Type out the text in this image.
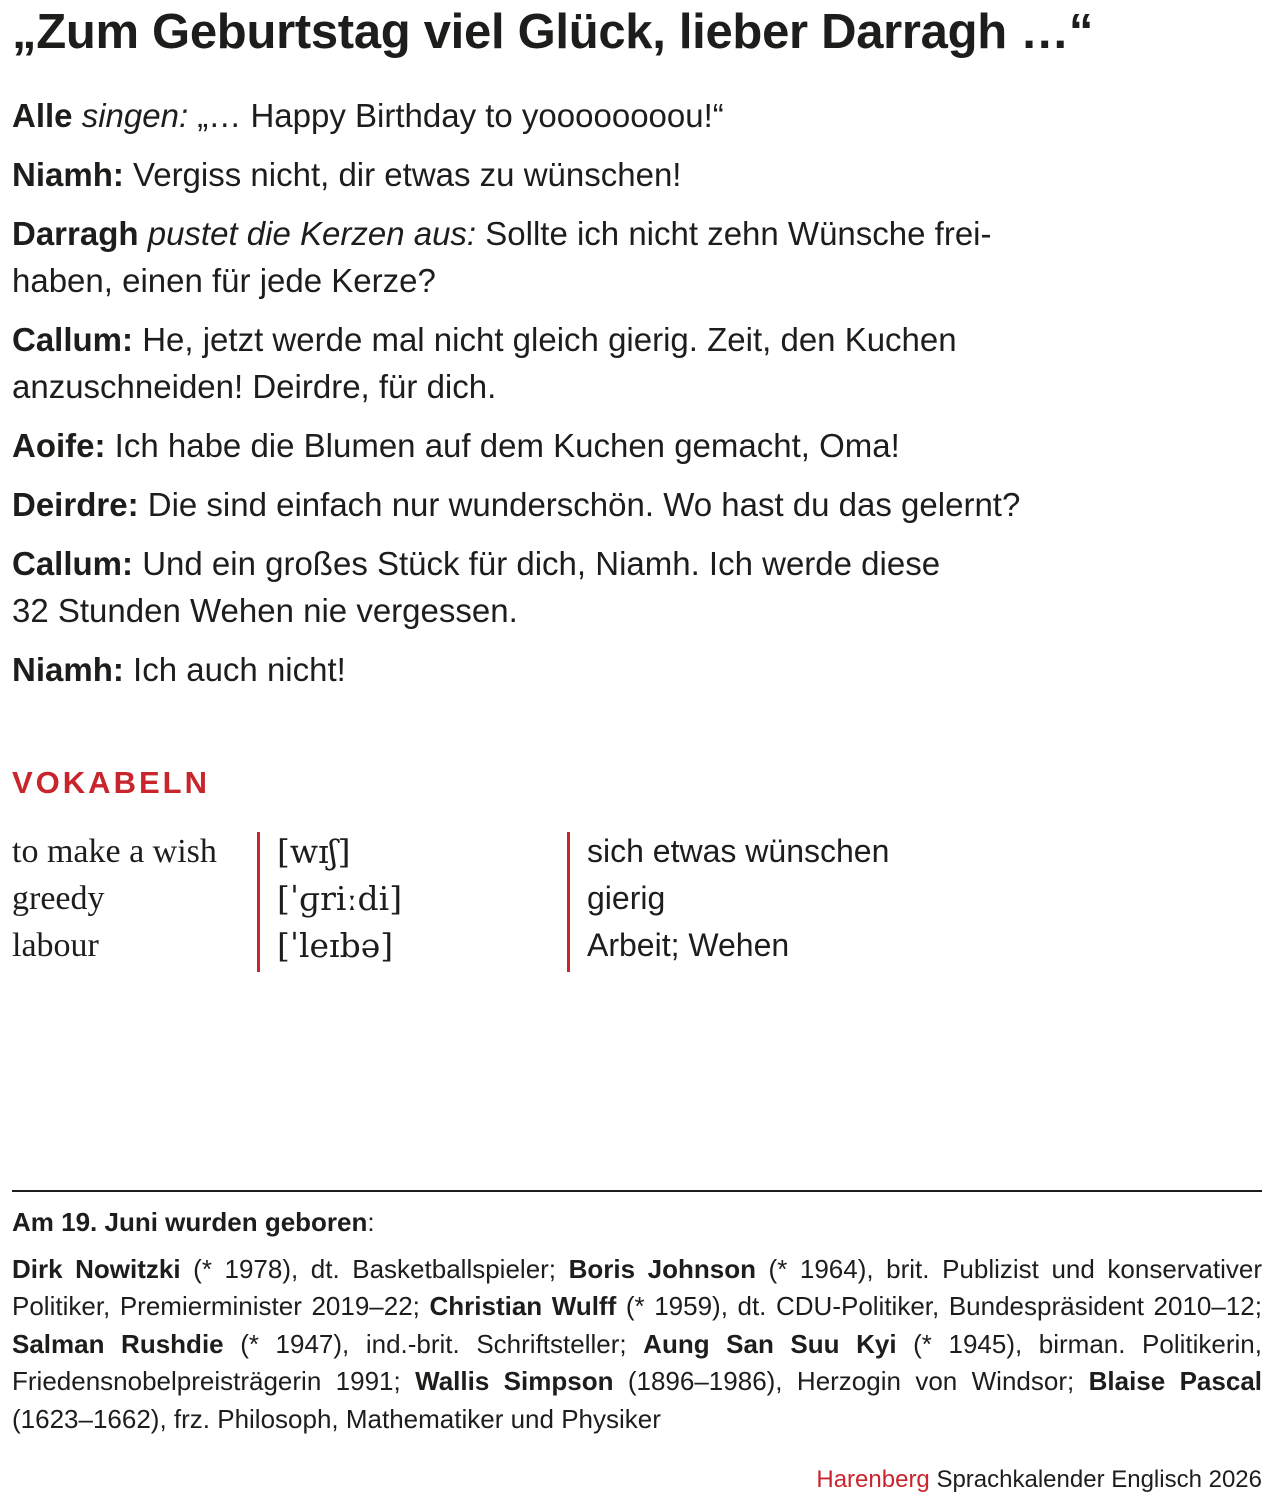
„Zum Geburtstag viel Glück, lieber Darragh …“

Alle singen: „… Happy Birthday to yoooooooou!“

Niamh: Vergiss nicht, dir etwas zu wünschen!

Darragh pustet die Kerzen aus: Sollte ich nicht zehn Wünsche frei-
haben, einen für jede Kerze?

Callum: He, jetzt werde mal nicht gleich gierig. Zeit, den Kuchen
anzuschneiden! Deirdre, für dich.

Aoife: Ich habe die Blumen auf dem Kuchen gemacht, Oma!

Deirdre: Die sind einfach nur wunderschön. Wo hast du das gelernt?

Callum: Und ein großes Stück für dich, Niamh. Ich werde diese
32 Stunden Wehen nie vergessen.

Niamh: Ich auch nicht!

VOKABELN
to make a wish
greedy
labour
[wɪʃ]
[ˈɡriːdi]
[ˈleɪbə]
sich etwas wünschen
gierig
Arbeit; Wehen
Am 19. Juni wurden geboren:
Dirk Nowitzki (* 1978), dt. Basketballspieler; Boris Johnson (* 1964), brit. Publizist und konservativer Politiker, Premierminister 2019–22; Christian Wulff (* 1959), dt. CDU-Politiker, Bundespräsident 2010–12; Salman Rushdie (* 1947), ind.-brit. Schriftsteller; Aung San Suu Kyi (* 1945), birman. Politikerin, Friedensnobelpreisträgerin 1991; Wallis Simpson (1896–1986), Herzogin von Windsor; Blaise Pascal (1623–1662), frz. Philosoph, Mathematiker und Physiker
Harenberg Sprachkalender Englisch 2026
